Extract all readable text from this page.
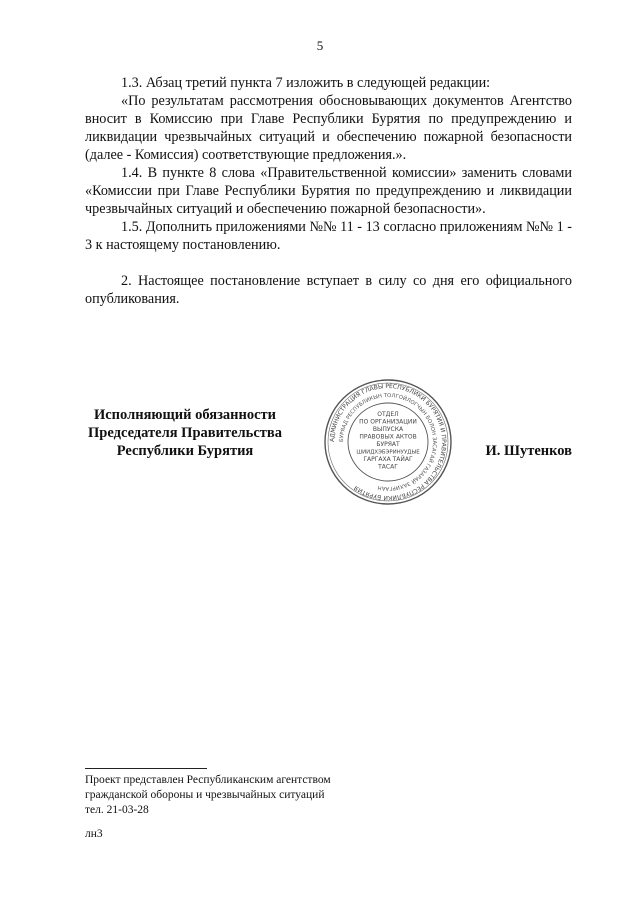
5

1.3. Абзац третий пункта 7 изложить в следующей редакции:

«По результатам рассмотрения обосновывающих документов Агентство вносит в Комиссию при Главе Республики Бурятия по предупреждению и ликвидации чрезвычайных ситуаций и обеспечению пожарной безопасности (далее - Комиссия) соответствующие предложения.».

1.4. В пункте 8 слова «Правительственной комиссии» заменить словами «Комиссии при Главе Республики Бурятия по предупреждению и ликвидации чрезвычайных ситуаций и обеспечению пожарной безопасности».

1.5. Дополнить приложениями №№ 11 - 13 согласно приложениям №№ 1 - 3 к настоящему постановлению.

2. Настоящее постановление вступает в силу со дня его официального опубликования.

Исполняющий обязанности
Председателя Правительства
Республики Бурятия
АДМИНИСТРАЦИЯ ГЛАВЫ РЕСПУБЛИКИ БУРЯТИЯ И ПРАВИТЕЛЬСТВА РЕСПУБЛИКИ БУРЯТИЯ
БУРЯАД РЕСПУБЛИКЫН ТОЛГОЙЛОГЧЫН БОЛОН ЗАСАГАЙ ГАЗАРАЙ ЗАХИРГААН
ОТДЕЛ
ПО ОРГАНИЗАЦИИ
ВЫПУСКА
ПРАВОВЫХ АКТОВ
БУРЯАТ
ШИИДХЭБЭРИНУУДЫЕ
ГАРГАХА ТАЙАГ
ТАСАГ
И. Шутенков
Проект представлен Республиканским агентством
гражданской обороны и чрезвычайных ситуаций
тел. 21-03-28
лн3
